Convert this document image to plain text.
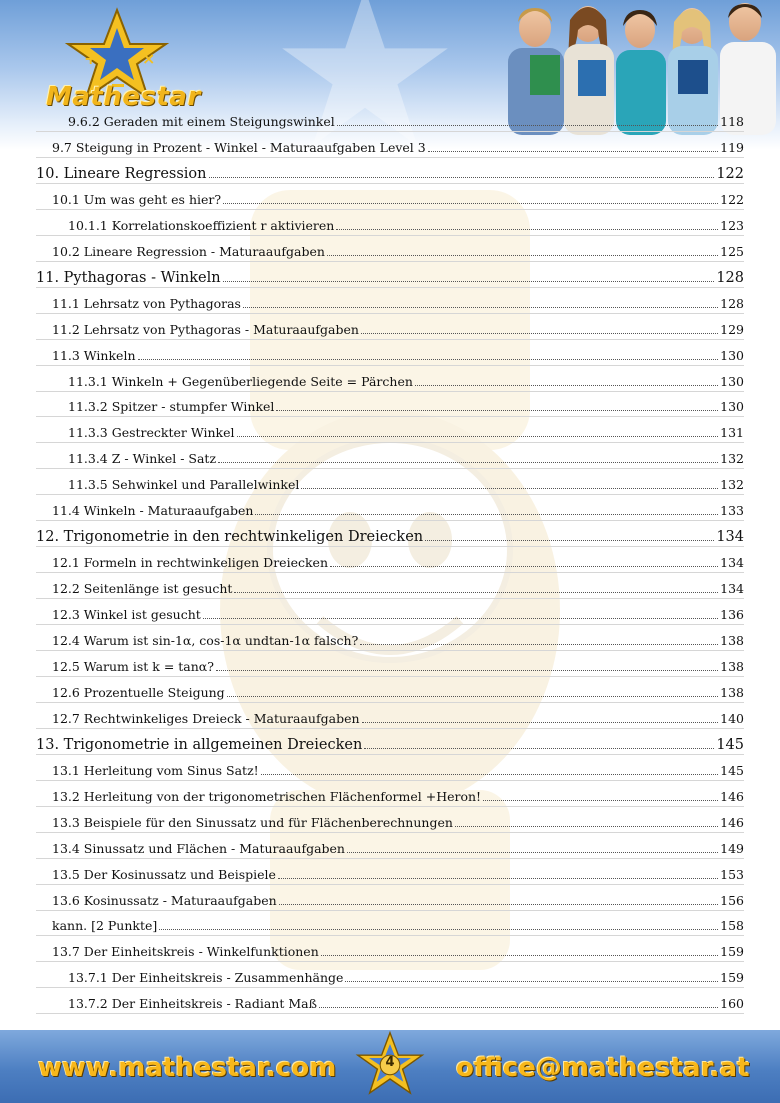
+	×
Mathestar
9.6.2 Geraden mit einem Steigungswinkel	118
9.7 Steigung in Prozent - Winkel - Maturaaufgaben Level 3	119
10. Lineare Regression	122
10.1 Um was geht es hier?	122
10.1.1 Korrelationskoeffizient r aktivieren	123
10.2 Lineare Regression - Maturaaufgaben	125
11. Pythagoras - Winkeln	128
11.1 Lehrsatz von Pythagoras	128
11.2 Lehrsatz von Pythagoras - Maturaaufgaben	129
11.3 Winkeln	130
11.3.1 Winkeln + Gegenüberliegende Seite = Pärchen	130
11.3.2 Spitzer - stumpfer Winkel	130
11.3.3 Gestreckter Winkel	131
11.3.4 Z - Winkel - Satz	132
11.3.5 Sehwinkel und Parallelwinkel	132
11.4 Winkeln - Maturaaufgaben	133
12. Trigonometrie in den rechtwinkeligen Dreiecken	134
12.1 Formeln in rechtwinkeligen Dreiecken	134
12.2 Seitenlänge ist gesucht	134
12.3 Winkel ist gesucht	136
12.4 Warum ist sin-1α, cos-1α undtan-1α falsch?	138
12.5 Warum ist k = tanα?	138
12.6 Prozentuelle Steigung	138
12.7 Rechtwinkeliges Dreieck - Maturaaufgaben	140
13. Trigonometrie in allgemeinen Dreiecken	145
13.1 Herleitung vom Sinus Satz!	145
13.2 Herleitung von der trigonometrischen Flächenformel +Heron!	146
13.3 Beispiele für den Sinussatz und für Flächenberechnungen	146
13.4 Sinussatz und Flächen - Maturaaufgaben	149
13.5 Der Kosinussatz und Beispiele	153
13.6 Kosinussatz - Maturaaufgaben	156
kann. [2 Punkte]	158
13.7 Der Einheitskreis - Winkelfunktionen	159
13.7.1 Der Einheitskreis - Zusammenhänge	159
13.7.2 Der Einheitskreis - Radiant Maß	160
www.mathestar.com	4	office@mathestar.at
